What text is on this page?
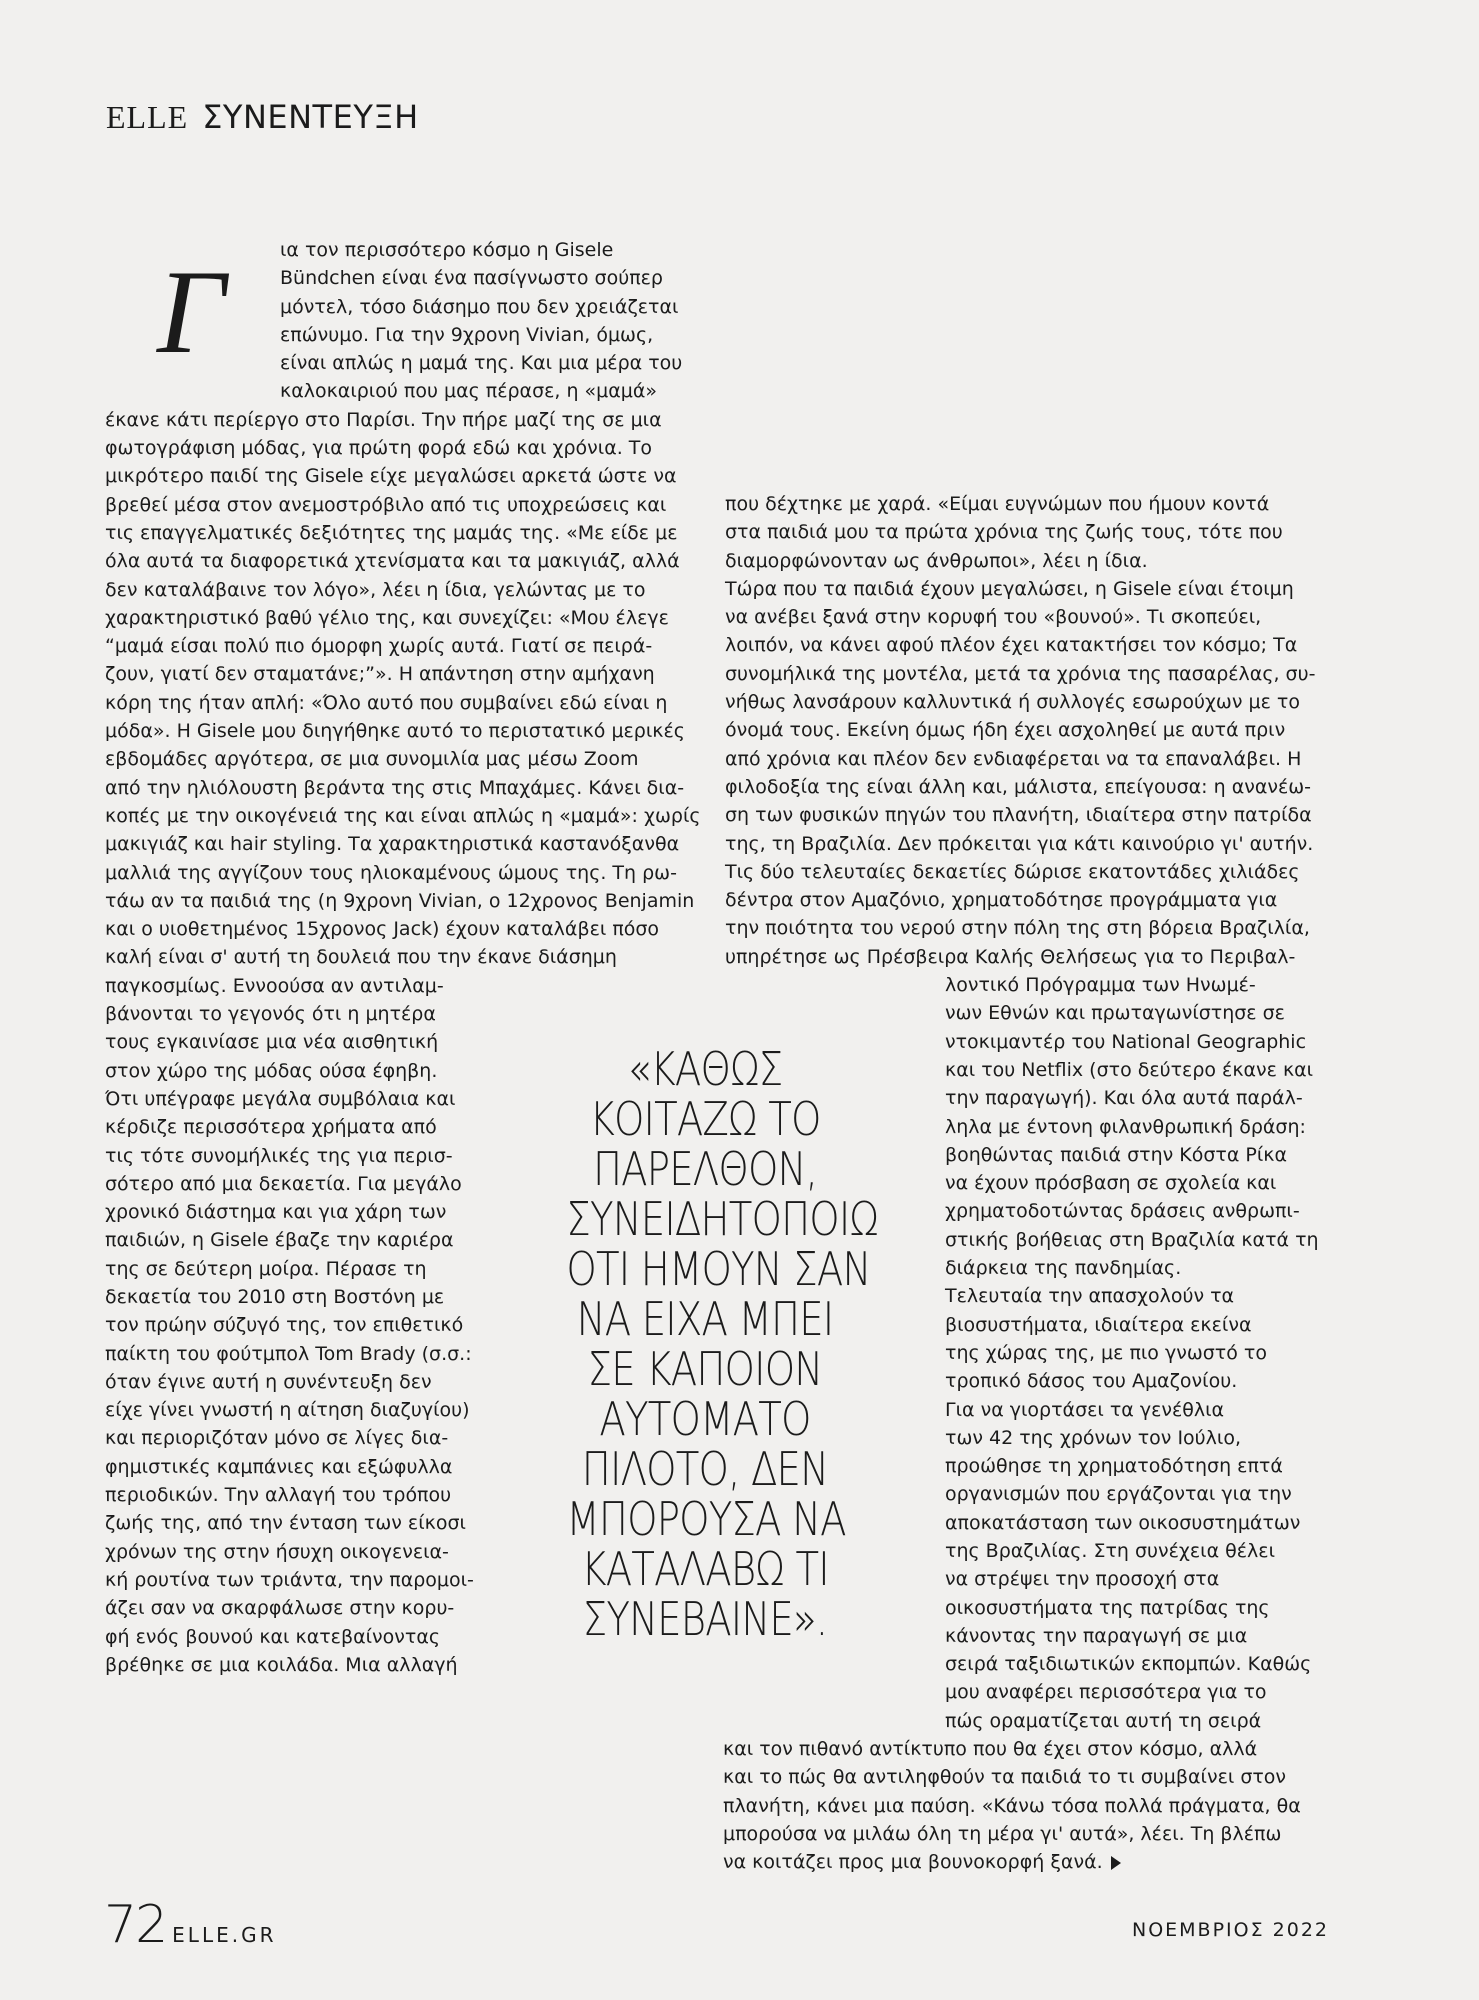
ELLE ΣΥΝΕΝΤΕΥΞΗ
Γ	ια τον περισσότερο κόσμο η Gisele
Bündchen είναι ένα πασίγνωστο σούπερ
μόντελ, τόσο διάσημο που δεν χρειάζεται
επώνυμο. Για την 9χρονη Vivian, όμως,
είναι απλώς η μαμά της. Και μια μέρα του
καλοκαιριού που μας πέρασε, η «μαμά»
έκανε κάτι περίεργο στο Παρίσι. Την πήρε μαζί της σε μια
φωτογράφιση μόδας, για πρώτη φορά εδώ και χρόνια. Το
μικρότερο παιδί της Gisele είχε μεγαλώσει αρκετά ώστε να
βρεθεί μέσα στον ανεμοστρόβιλο από τις υποχρεώσεις και
τις επαγγελματικές δεξιότητες της μαμάς της. «Με είδε με
όλα αυτά τα διαφορετικά χτενίσματα και τα μακιγιάζ, αλλά
δεν καταλάβαινε τον λόγο», λέει η ίδια, γελώντας με το
χαρακτηριστικό βαθύ γέλιο της, και συνεχίζει: «Μου έλεγε
“μαμά είσαι πολύ πιο όμορφη χωρίς αυτά. Γιατί σε πειρά-
ζουν, γιατί δεν σταματάνε;”». Η απάντηση στην αμήχανη
κόρη της ήταν απλή: «Όλο αυτό που συμβαίνει εδώ είναι η
μόδα». Η Gisele μου διηγήθηκε αυτό το περιστατικό μερικές
εβδομάδες αργότερα, σε μια συνομιλία μας μέσω Zoom
από την ηλιόλουστη βεράντα της στις Μπαχάμες. Κάνει δια-
κοπές με την οικογένειά της και είναι απλώς η «μαμά»: χωρίς
μακιγιάζ και hair styling. Τα χαρακτηριστικά καστανόξανθα
μαλλιά της αγγίζουν τους ηλιοκαμένους ώμους της. Τη ρω-
τάω αν τα παιδιά της (η 9χρονη Vivian, ο 12χρονος Benjamin
και ο υιοθετημένος 15χρονος Jack) έχουν καταλάβει πόσο
καλή είναι σ' αυτή τη δουλειά που την έκανε διάσημη
παγκοσμίως. Εννοούσα αν αντιλαμ-
βάνονται το γεγονός ότι η μητέρα
τους εγκαινίασε μια νέα αισθητική
στον χώρο της μόδας ούσα έφηβη.
Ότι υπέγραφε μεγάλα συμβόλαια και
κέρδιζε περισσότερα χρήματα από
τις τότε συνομήλικές της για περισ-
σότερο από μια δεκαετία. Για μεγάλο
χρονικό διάστημα και για χάρη των
παιδιών, η Gisele έβαζε την καριέρα
της σε δεύτερη μοίρα. Πέρασε τη
δεκαετία του 2010 στη Βοστόνη με
τον πρώην σύζυγό της, τον επιθετικό
παίκτη του φούτμπολ Tom Brady (σ.σ.:
όταν έγινε αυτή η συνέντευξη δεν
είχε γίνει γνωστή η αίτηση διαζυγίου)
και περιοριζόταν μόνο σε λίγες δια-
φημιστικές καμπάνιες και εξώφυλλα
περιοδικών. Την αλλαγή του τρόπου
ζωής της, από την ένταση των είκοσι
χρόνων της στην ήσυχη οικογενεια-
κή ρουτίνα των τριάντα, την παρομοι-
άζει σαν να σκαρφάλωσε στην κορυ-
φή ενός βουνού και κατεβαίνοντας
βρέθηκε σε μια κοιλάδα. Μια αλλαγή
που δέχτηκε με χαρά. «Είμαι ευγνώμων που ήμουν κοντά
στα παιδιά μου τα πρώτα χρόνια της ζωής τους, τότε που
διαμορφώνονταν ως άνθρωποι», λέει η ίδια.
Τώρα που τα παιδιά έχουν μεγαλώσει, η Gisele είναι έτοιμη
να ανέβει ξανά στην κορυφή του «βουνού». Τι σκοπεύει,
λοιπόν, να κάνει αφού πλέον έχει κατακτήσει τον κόσμο; Τα
συνομήλικά της μοντέλα, μετά τα χρόνια της πασαρέλας, συ-
νήθως λανσάρουν καλλυντικά ή συλλογές εσωρούχων με το
όνομά τους. Εκείνη όμως ήδη έχει ασχοληθεί με αυτά πριν
από χρόνια και πλέον δεν ενδιαφέρεται να τα επαναλάβει. Η
φιλοδοξία της είναι άλλη και, μάλιστα, επείγουσα: η ανανέω-
ση των φυσικών πηγών του πλανήτη, ιδιαίτερα στην πατρίδα
της, τη Βραζιλία. Δεν πρόκειται για κάτι καινούριο γι' αυτήν.
Τις δύο τελευταίες δεκαετίες δώρισε εκατοντάδες χιλιάδες
δέντρα στον Αμαζόνιο, χρηματοδότησε προγράμματα για
την ποιότητα του νερού στην πόλη της στη βόρεια Βραζιλία,
υπηρέτησε ως Πρέσβειρα Καλής Θελήσεως για το Περιβαλ-
λοντικό Πρόγραμμα των Ηνωμέ-
νων Εθνών και πρωταγωνίστησε σε
ντοκιμαντέρ του National Geographic
και του Netflix (στο δεύτερο έκανε και
την παραγωγή). Και όλα αυτά παράλ-
ληλα με έντονη φιλανθρωπική δράση:
βοηθώντας παιδιά στην Κόστα Ρίκα
να έχουν πρόσβαση σε σχολεία και
χρηματοδοτώντας δράσεις ανθρωπι-
στικής βοήθειας στη Βραζιλία κατά τη
διάρκεια της πανδημίας.
Τελευταία την απασχολούν τα
βιοσυστήματα, ιδιαίτερα εκείνα
της χώρας της, με πιο γνωστό το
τροπικό δάσος του Αμαζονίου.
Για να γιορτάσει τα γενέθλια
των 42 της χρόνων τον Ιούλιο,
προώθησε τη χρηματοδότηση επτά
οργανισμών που εργάζονται για την
αποκατάσταση των οικοσυστημάτων
της Βραζιλίας. Στη συνέχεια θέλει
να στρέψει την προσοχή στα
οικοσυστήματα της πατρίδας της
κάνοντας την παραγωγή σε μια
σειρά ταξιδιωτικών εκπομπών. Καθώς
μου αναφέρει περισσότερα για το
πώς οραματίζεται αυτή τη σειρά
και τον πιθανό αντίκτυπο που θα έχει στον κόσμο, αλλά
και το πώς θα αντιληφθούν τα παιδιά το τι συμβαίνει στον
πλανήτη, κάνει μια παύση. «Κάνω τόσα πολλά πράγματα, θα
μπορούσα να μιλάω όλη τη μέρα γι' αυτά», λέει. Τη βλέπω
να κοιτάζει προς μια βουνοκορφή ξανά.
«ΚΑΘΩΣ
ΚΟΙΤΑΖΩ ΤΟ
ΠΑΡΕΛΘΟΝ,
ΣΥΝΕΙΔΗΤΟΠΟΙΩ
ΟΤΙ ΗΜΟΥΝ ΣΑΝ
ΝΑ ΕΙΧΑ ΜΠΕΙ
ΣΕ ΚΑΠΟΙΟΝ
ΑΥΤΟΜΑΤΟ
ΠΙΛΟΤΟ, ΔΕΝ
ΜΠΟΡΟΥΣΑ ΝΑ
ΚΑΤΑΛΑΒΩ ΤΙ
ΣΥΝΕΒΑΙΝΕ».
72 ELLE.GR	ΝΟΕΜΒΡΙΟΣ 2022
